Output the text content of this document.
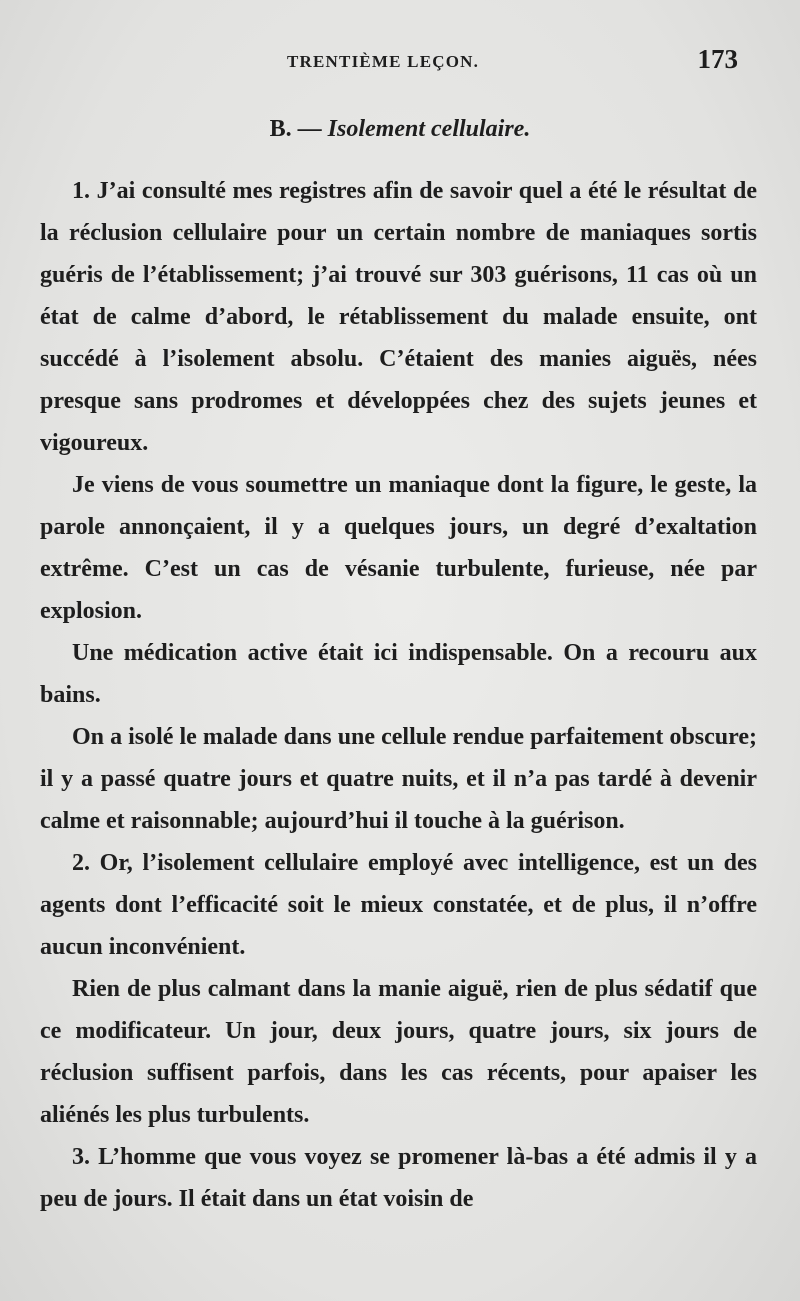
TRENTIÈME LEÇON.	173
B. — Isolement cellulaire.

1. J’ai consulté mes registres afin de savoir quel a été le résultat de la réclusion cellulaire pour un certain nombre de maniaques sortis guéris de l’établissement; j’ai trouvé sur 303 guérisons, 11 cas où un état de calme d’abord, le rétablissement du malade ensuite, ont succédé à l’isolement absolu. C’étaient des manies aiguës, nées presque sans prodromes et développées chez des sujets jeunes et vigoureux.

Je viens de vous soumettre un maniaque dont la figure, le geste, la parole annonçaient, il y a quelques jours, un degré d’exaltation extrême. C’est un cas de vésanie turbulente, furieuse, née par explosion.

Une médication active était ici indispensable. On a recouru aux bains.

On a isolé le malade dans une cellule rendue parfaitement obscure; il y a passé quatre jours et quatre nuits, et il n’a pas tardé à devenir calme et raisonnable; aujourd’hui il touche à la guérison.

2. Or, l’isolement cellulaire employé avec intelligence, est un des agents dont l’efficacité soit le mieux constatée, et de plus, il n’offre aucun inconvénient.

Rien de plus calmant dans la manie aiguë, rien de plus sédatif que ce modificateur. Un jour, deux jours, quatre jours, six jours de réclusion suffisent parfois, dans les cas récents, pour apaiser les aliénés les plus turbulents.

3. L’homme que vous voyez se promener là-bas a été admis il y a peu de jours. Il était dans un état voisin de
